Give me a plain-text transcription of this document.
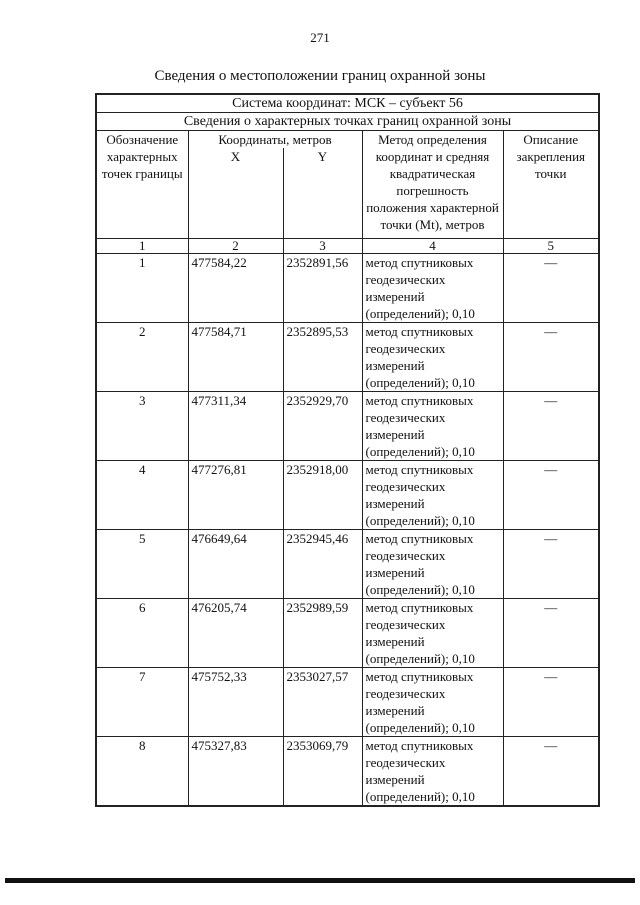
271
Сведения о местоположении границ охранной зоны
Система координат: МСК – субъект 56				
Сведения о характерных точках границ охранной зоны				
Обозначение характерных точек границы	Координаты, метров		Метод определения координат и средняя квадратическая погрешность положения характерной точки (Mt), метров	Описание закрепления точки
	X	Y		
1	2	3	4	5
1	477584,22	2352891,56	метод спутниковых геодезических измерений (определений); 0,10	—
2	477584,71	2352895,53	метод спутниковых геодезических измерений (определений); 0,10	—
3	477311,34	2352929,70	метод спутниковых геодезических измерений (определений); 0,10	—
4	477276,81	2352918,00	метод спутниковых геодезических измерений (определений); 0,10	—
5	476649,64	2352945,46	метод спутниковых геодезических измерений (определений); 0,10	—
6	476205,74	2352989,59	метод спутниковых геодезических измерений (определений); 0,10	—
7	475752,33	2353027,57	метод спутниковых геодезических измерений (определений); 0,10	—
8	475327,83	2353069,79	метод спутниковых геодезических измерений (определений); 0,10	—
